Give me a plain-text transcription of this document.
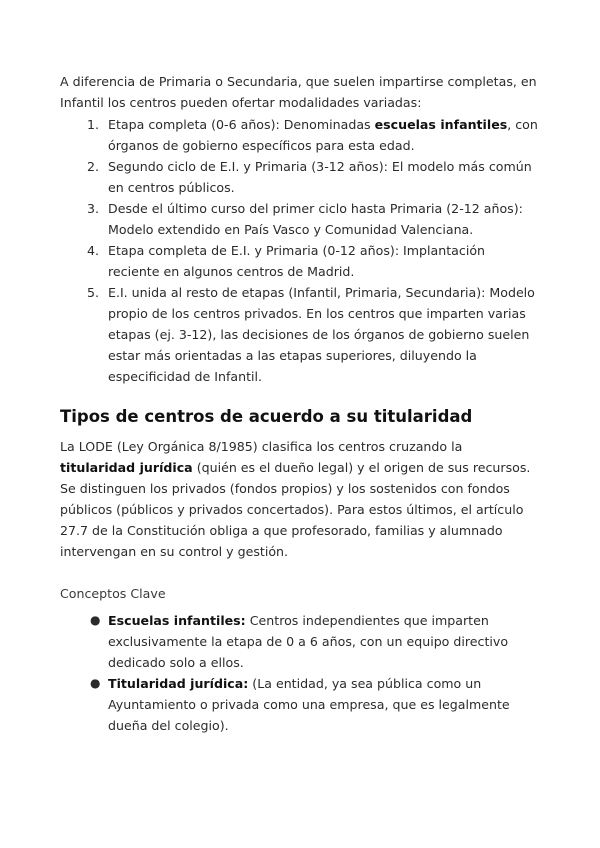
A diferencia de Primaria o Secundaria, que suelen impartirse completas, en Infantil los centros pueden ofertar modalidades variadas:

1. Etapa completa (0-6 años): Denominadas escuelas infantiles, con órganos de gobierno específicos para esta edad.
2. Segundo ciclo de E.I. y Primaria (3-12 años): El modelo más común en centros públicos.
3. Desde el último curso del primer ciclo hasta Primaria (2-12 años): Modelo extendido en País Vasco y Comunidad Valenciana.
4. Etapa completa de E.I. y Primaria (0-12 años): Implantación reciente en algunos centros de Madrid.
5. E.I. unida al resto de etapas (Infantil, Primaria, Secundaria): Modelo propio de los centros privados. En los centros que imparten varias etapas (ej. 3-12), las decisiones de los órganos de gobierno suelen estar más orientadas a las etapas superiores, diluyendo la especificidad de Infantil.
Tipos de centros de acuerdo a su titularidad

La LODE (Ley Orgánica 8/1985) clasifica los centros cruzando la titularidad jurídica (quién es el dueño legal) y el origen de sus recursos. Se distinguen los privados (fondos propios) y los sostenidos con fondos públicos (públicos y privados concertados). Para estos últimos, el artículo 27.7 de la Constitución obliga a que profesorado, familias y alumnado intervengan en su control y gestión.

Conceptos Clave

● Escuelas infantiles: Centros independientes que imparten exclusivamente la etapa de 0 a 6 años, con un equipo directivo dedicado solo a ellos.
● Titularidad jurídica: (La entidad, ya sea pública como un Ayuntamiento o privada como una empresa, que es legalmente dueña del colegio).
